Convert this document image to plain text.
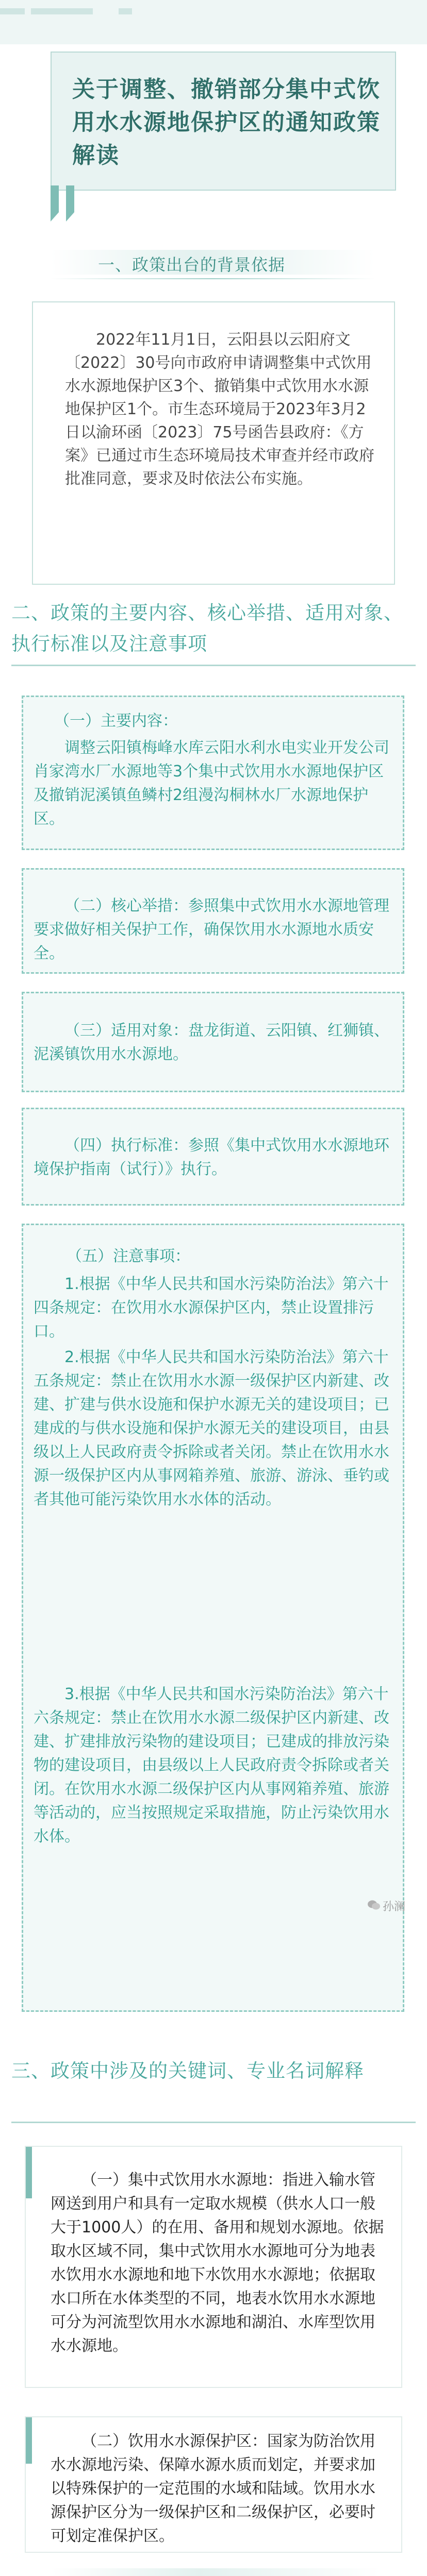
关于调整、撤销部分集中式饮用水水源地保护区的通知政策解读
一、政策出台的背景依据
2022年11月1日，云阳县以云阳府文〔2022〕30号向市政府申请调整集中式饮用水水源地保护区3个、撤销集中式饮用水水源地保护区1个。市生态环境局于2023年3月2日以渝环函〔2023〕75号函告县政府：《方案》已通过市生态环境局技术审查并经市政府批准同意，要求及时依法公布实施。
二、政策的主要内容、核心举措、适用对象、执行标准以及注意事项
（一）主要内容：
调整云阳镇梅峰水库云阳水利水电实业开发公司肖家湾水厂水源地等3个集中式饮用水水源地保护区及撤销泥溪镇鱼鳞村2组漫沟桐林水厂水源地保护区。
（二）核心举措：参照集中式饮用水水源地管理要求做好相关保护工作，确保饮用水水源地水质安全。
（三）适用对象：盘龙街道、云阳镇、红狮镇、泥溪镇饮用水水源地。
（四）执行标准：参照《集中式饮用水水源地环境保护指南（试行）》执行。
（五）注意事项：
1.根据《中华人民共和国水污染防治法》第六十四条规定：在饮用水水源保护区内，禁止设置排污口。
2.根据《中华人民共和国水污染防治法》第六十五条规定：禁止在饮用水水源一级保护区内新建、改建、扩建与供水设施和保护水源无关的建设项目；已建成的与供水设施和保护水源无关的建设项目，由县级以上人民政府责令拆除或者关闭。禁止在饮用水水源一级保护区内从事网箱养殖、旅游、游泳、垂钓或者其他可能污染饮用水水体的活动。
3.根据《中华人民共和国水污染防治法》第六十六条规定：禁止在饮用水水源二级保护区内新建、改建、扩建排放污染物的建设项目；已建成的排放污染物的建设项目，由县级以上人民政府责令拆除或者关闭。在饮用水水源二级保护区内从事网箱养殖、旅游等活动的，应当按照规定采取措施，防止污染饮用水水体。
孙澜
三、政策中涉及的关键词、专业名词解释
（一）集中式饮用水水源地：指进入输水管网送到用户和具有一定取水规模（供水人口一般大于1000人）的在用、备用和规划水源地。依据取水区域不同，集中式饮用水水源地可分为地表水饮用水水源地和地下水饮用水水源地；依据取水口所在水体类型的不同，地表水饮用水水源地可分为河流型饮用水水源地和湖泊、水库型饮用水水源地。
（二）饮用水水源保护区：国家为防治饮用水水源地污染、保障水源水质而划定，并要求加以特殊保护的一定范围的水域和陆域。饮用水水源保护区分为一级保护区和二级保护区，必要时可划定准保护区。
